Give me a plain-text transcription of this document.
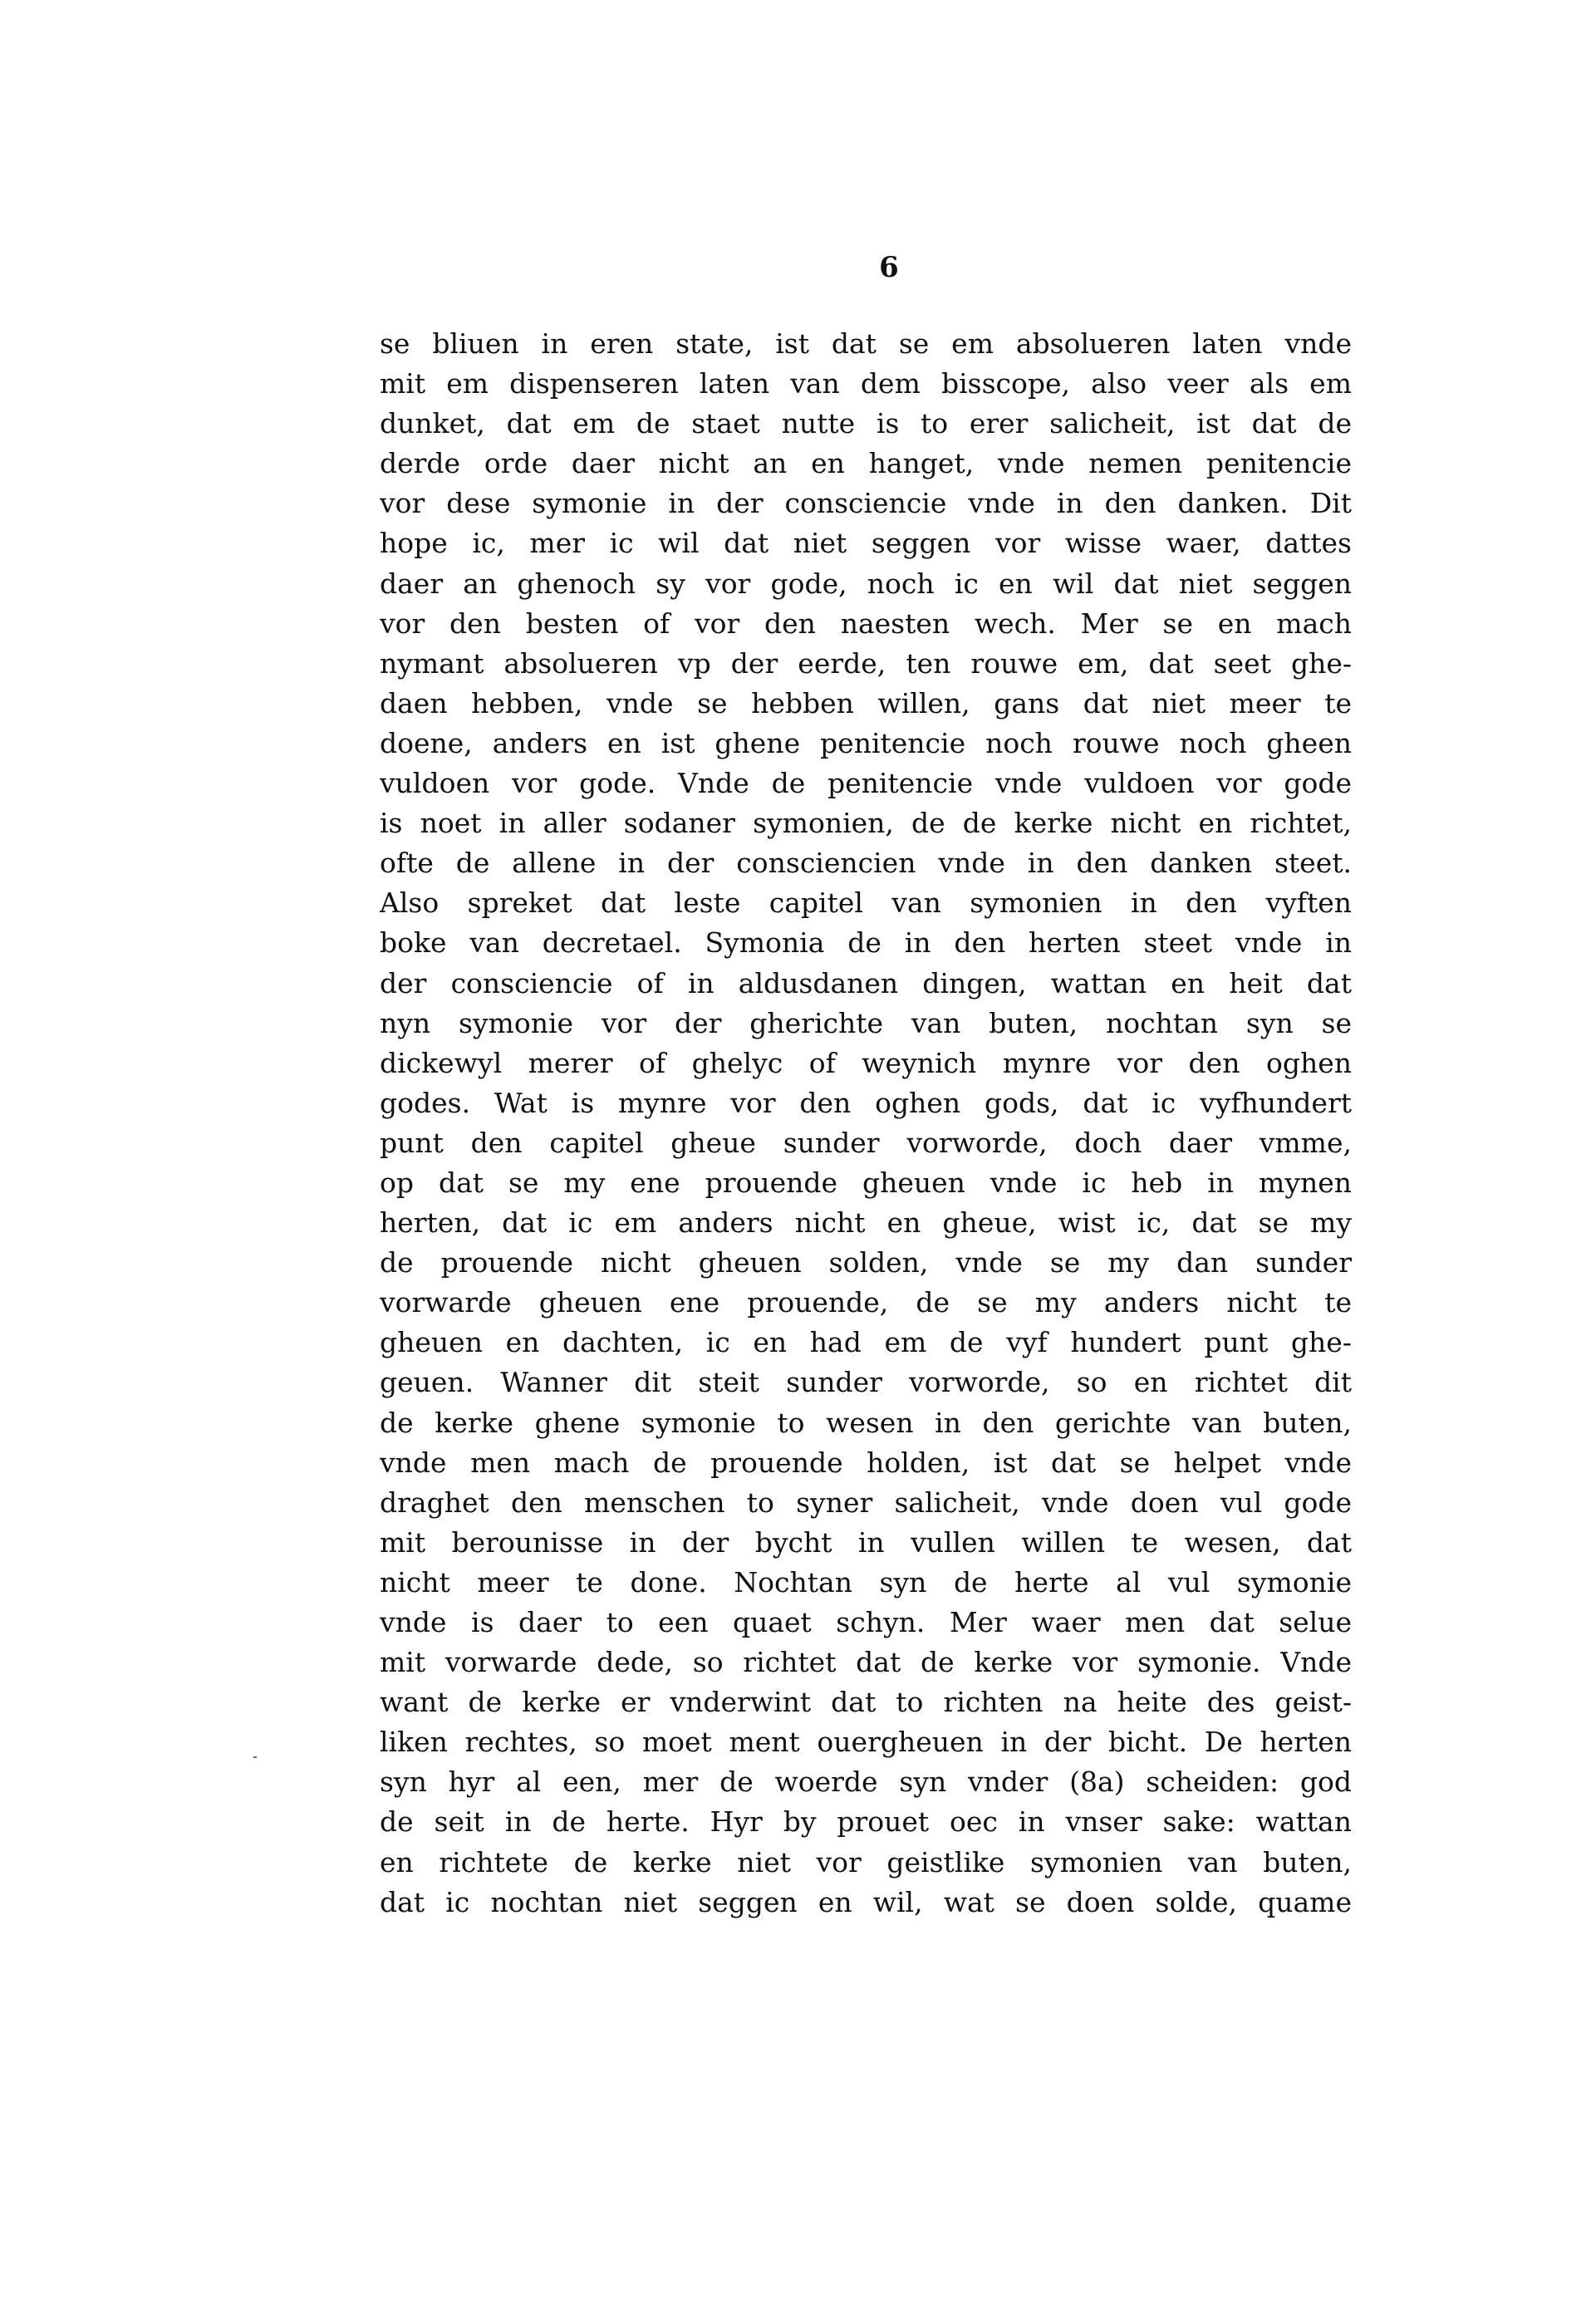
6
se bliuen in eren state, ist dat se em absolueren laten vnde
mit em dispenseren laten van dem bisscope, also veer als em
dunket, dat em de staet nutte is to erer salicheit, ist dat de
derde orde daer nicht an en hanget, vnde nemen penitencie
vor dese symonie in der consciencie vnde in den danken. Dit
hope ic, mer ic wil dat niet seggen vor wisse waer, dattes
daer an ghenoch sy vor gode, noch ic en wil dat niet seggen
vor den besten of vor den naesten wech. Mer se en mach
nymant absolueren vp der eerde, ten rouwe em, dat seet ghe-
daen hebben, vnde se hebben willen, gans dat niet meer te
doene, anders en ist ghene penitencie noch rouwe noch gheen
vuldoen vor gode. Vnde de penitencie vnde vuldoen vor gode
is noet in aller sodaner symonien, de de kerke nicht en richtet,
ofte de allene in der consciencien vnde in den danken steet.
Also spreket dat leste capitel van symonien in den vyften
boke van decretael. Symonia de in den herten steet vnde in
der consciencie of in aldusdanen dingen, wattan en heit dat
nyn symonie vor der gherichte van buten, nochtan syn se
dickewyl merer of ghelyc of weynich mynre vor den oghen
godes. Wat is mynre vor den oghen gods, dat ic vyfhundert
punt den capitel gheue sunder vorworde, doch daer vmme,
op dat se my ene prouende gheuen vnde ic heb in mynen
herten, dat ic em anders nicht en gheue, wist ic, dat se my
de prouende nicht gheuen solden, vnde se my dan sunder
vorwarde gheuen ene prouende, de se my anders nicht te
gheuen en dachten, ic en had em de vyf hundert punt ghe-
geuen. Wanner dit steit sunder vorworde, so en richtet dit
de kerke ghene symonie to wesen in den gerichte van buten,
vnde men mach de prouende holden, ist dat se helpet vnde
draghet den menschen to syner salicheit, vnde doen vul gode
mit berounisse in der bycht in vullen willen te wesen, dat
nicht meer te done. Nochtan syn de herte al vul symonie
vnde is daer to een quaet schyn. Mer waer men dat selue
mit vorwarde dede, so richtet dat de kerke vor symonie. Vnde
want de kerke er vnderwint dat to richten na heite des geist-
liken rechtes, so moet ment ouergheuen in der bicht. De herten
syn hyr al een, mer de woerde syn vnder (8a) scheiden: god
de seit in de herte. Hyr by prouet oec in vnser sake: wattan
en richtete de kerke niet vor geistlike symonien van buten,
dat ic nochtan niet seggen en wil, wat se doen solde, quame
